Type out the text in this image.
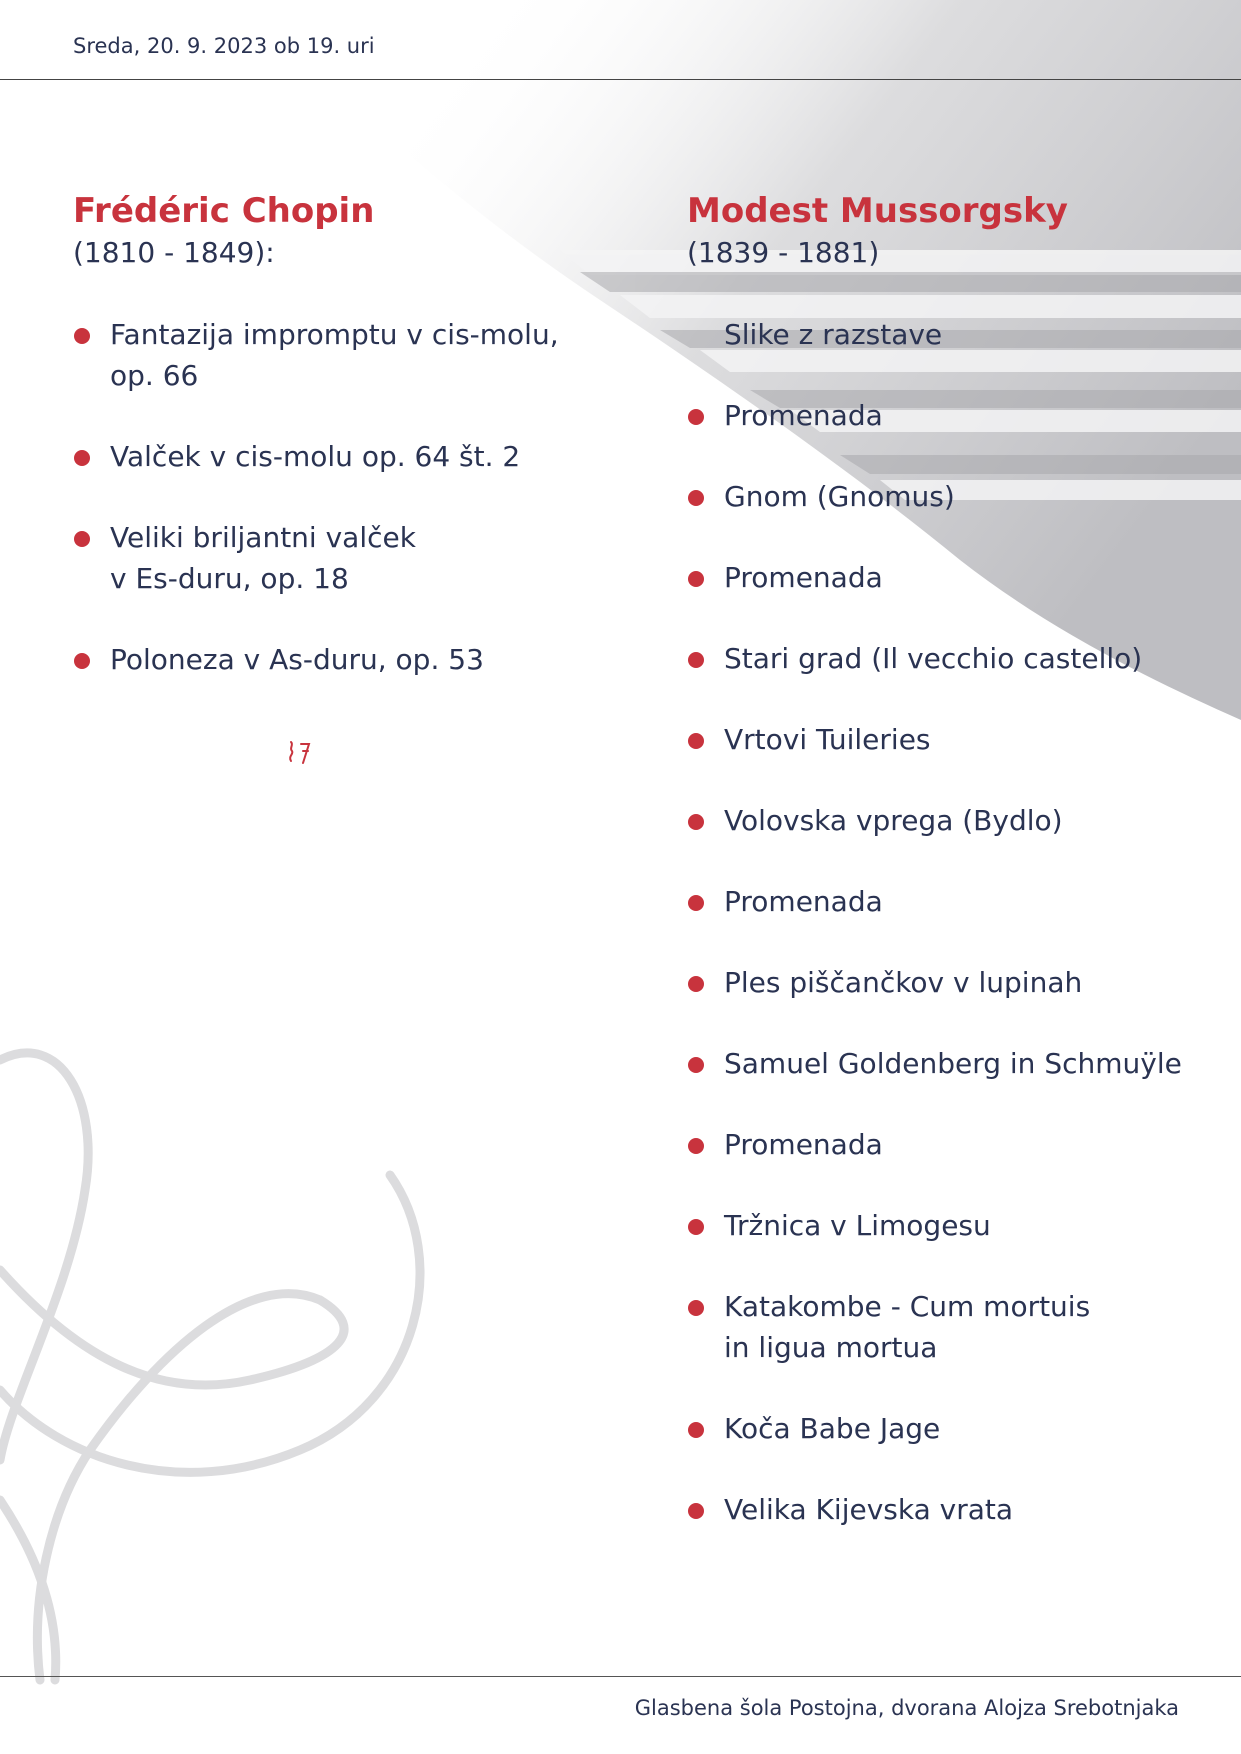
Sreda, 20. 9. 2023 ob 19. uri
Frédéric Chopin
(1810 - 1849):
Fantazija impromptu v cis-molu,
op. 66
Valček v cis-molu op. 64 št. 2
Veliki briljantni valček
v Es-duru, op. 18
Poloneza v As-duru, op. 53
Modest Mussorgsky
(1839 - 1881)
Slike z razstave
Promenada
Gnom (Gnomus)
Promenada
Stari grad (Il vecchio castello)
Vrtovi Tuileries
Volovska vprega (Bydlo)
Promenada
Ples piščančkov v lupinah
Samuel Goldenberg in Schmuÿle
Promenada
Tržnica v Limogesu
Katakombe - Cum mortuis
in ligua mortua
Koča Babe Jage
Velika Kijevska vrata
Glasbena šola Postojna, dvorana Alojza Srebotnjaka
